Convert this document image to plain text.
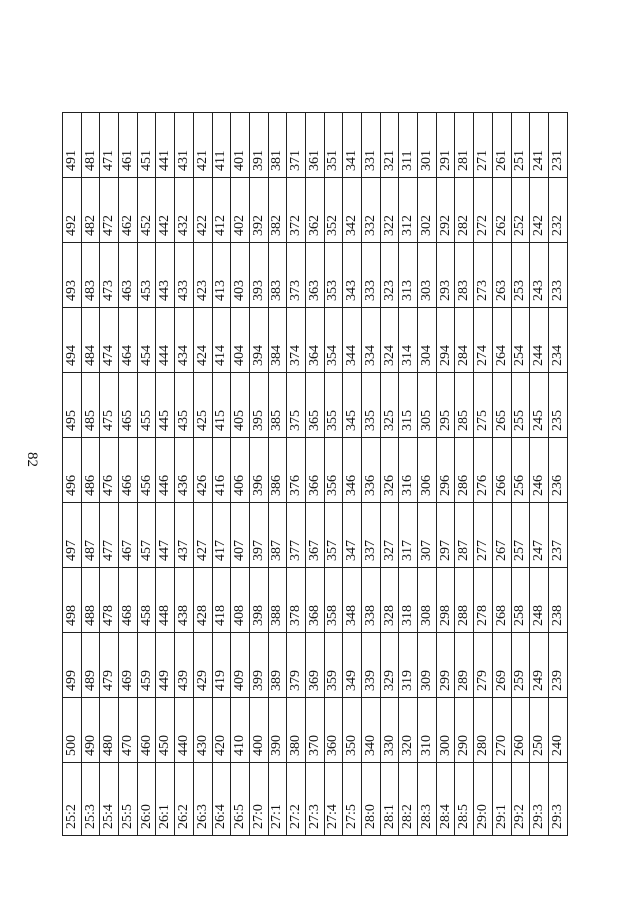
82
25:2	500	499	498	497	496	495	494	493	492	491
25:3	490	489	488	487	486	485	484	483	482	481
25:4	480	479	478	477	476	475	474	473	472	471
25:5	470	469	468	467	466	465	464	463	462	461
26:0	460	459	458	457	456	455	454	453	452	451
26:1	450	449	448	447	446	445	444	443	442	441
26:2	440	439	438	437	436	435	434	433	432	431
26:3	430	429	428	427	426	425	424	423	422	421
26:4	420	419	418	417	416	415	414	413	412	411
26:5	410	409	408	407	406	405	404	403	402	401
27:0	400	399	398	397	396	395	394	393	392	391
27:1	390	389	388	387	386	385	384	383	382	381
27:2	380	379	378	377	376	375	374	373	372	371
27:3	370	369	368	367	366	365	364	363	362	361
27:4	360	359	358	357	356	355	354	353	352	351
27:5	350	349	348	347	346	345	344	343	342	341
28:0	340	339	338	337	336	335	334	333	332	331
28:1	330	329	328	327	326	325	324	323	322	321
28:2	320	319	318	317	316	315	314	313	312	311
28:3	310	309	308	307	306	305	304	303	302	301
28:4	300	299	298	297	296	295	294	293	292	291
28:5	290	289	288	287	286	285	284	283	282	281
29:0	280	279	278	277	276	275	274	273	272	271
29:1	270	269	268	267	266	265	264	263	262	261
29:2	260	259	258	257	256	255	254	253	252	251
29:3	250	249	248	247	246	245	244	243	242	241
29:3	240	239	238	237	236	235	234	233	232	231
